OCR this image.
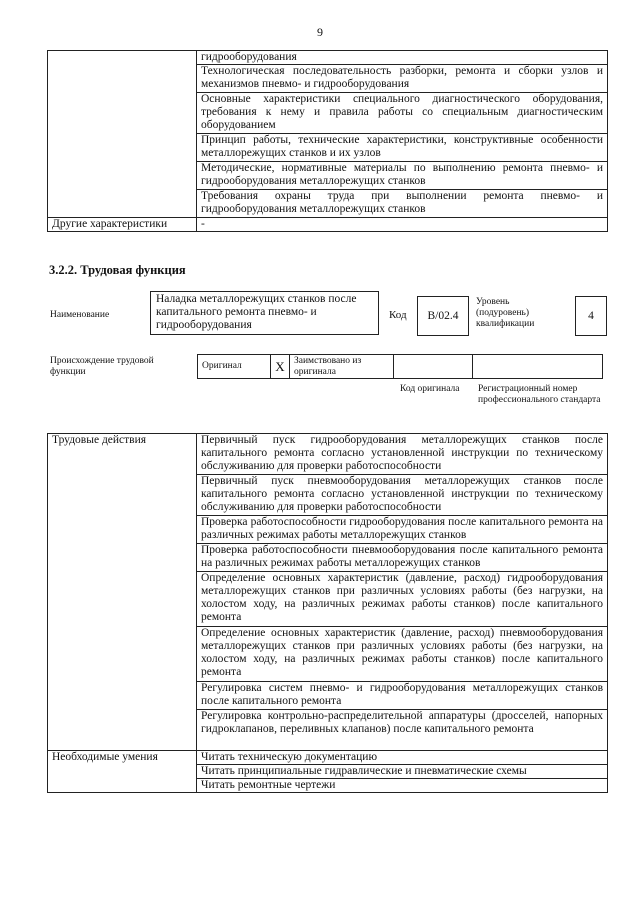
9
	гидрооборудования
	Технологическая последовательность разборки, ремонта и сборки узлов и механизмов пневмо- и гидрооборудования
	Основные характеристики специального диагностического оборудования, требования к нему и правила работы со специальным диагностическим оборудованием
	Принцип работы, технические характеристики, конструктивные особенности металлорежущих станков и их узлов
	Методические, нормативные материалы по выполнению ремонта пневмо- и гидрооборудования металлорежущих станков
	Требования охраны труда при выполнении ремонта пневмо- и гидрооборудования металлорежущих станков
Другие характеристики	-
3.2.2. Трудовая функция
Наименование
Наладка металлорежущих станков после капитального ремонта пневмо- и гидрооборудования
Код	B/02.4
Уровень (подуровень) квалификации
4
Происхождение трудовой функции
Оригинал	X	Заимствовано из оригинала		
Код оригинала	Регистрационный номер профессионального стандарта
Трудовые действия	Первичный пуск гидрооборудования металлорежущих станков после капитального ремонта согласно установленной инструкции по техническому обслуживанию для проверки работоспособности
	Первичный пуск пневмооборудования металлорежущих станков после капитального ремонта согласно установленной инструкции по техническому обслуживанию для проверки работоспособности
	Проверка работоспособности гидрооборудования после капитального ремонта на различных режимах работы металлорежущих станков
	Проверка работоспособности пневмооборудования после капитального ремонта на различных режимах работы металлорежущих станков
	Определение основных характеристик (давление, расход) гидрооборудования металлорежущих станков при различных условиях работы (без нагрузки, на холостом ходу, на различных режимах работы станков) после капитального ремонта
	Определение основных характеристик (давление, расход) пневмооборудования металлорежущих станков при различных условиях работы (без нагрузки, на холостом ходу, на различных режимах работы станков) после капитального ремонта
	Регулировка систем пневмо- и гидрооборудования металлорежущих станков после капитального ремонта
	Регулировка контрольно-распределительной аппаратуры (дросселей, напорных гидроклапанов, переливных клапанов) после капитального ремонта
Необходимые умения	Читать техническую документацию
	Читать принципиальные гидравлические и пневматические схемы
	Читать ремонтные чертежи
